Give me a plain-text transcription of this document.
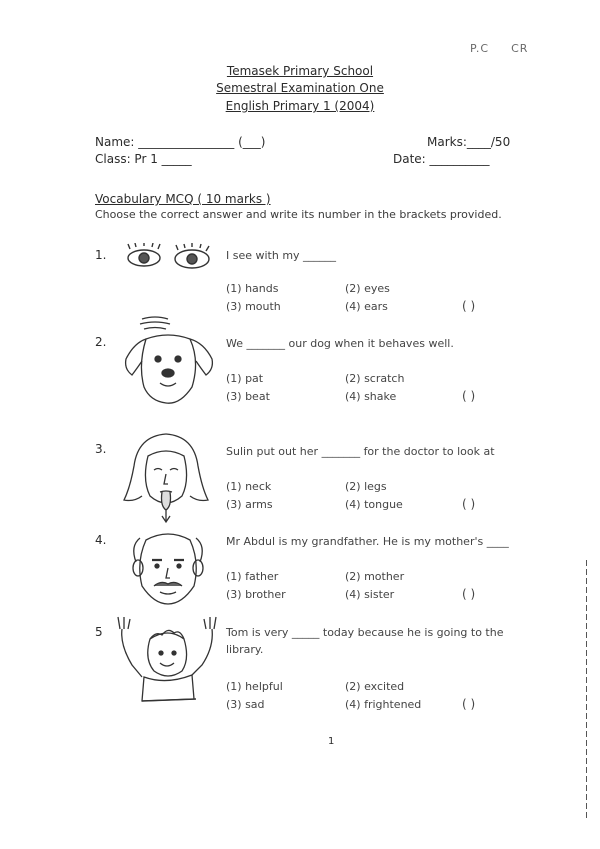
P.C CR
Temasek Primary School
Semestral Examination One
English Primary 1 (2004)
Name: ________________ (___)	Marks:____/50
Class: Pr 1 _____	Date: __________
Vocabulary MCQ ( 10 marks )
Choose the correct answer and write its number in the brackets provided.
1.	I see with my ______
(1) hands	(2) eyes
(3) mouth	(4) ears	( )
2.	We _______ our dog when it behaves well.
(1) pat	(2) scratch
(3) beat	(4) shake	( )
3.	Sulin put out her _______ for the doctor to look at
(1) neck	(2) legs
(3) arms	(4) tongue	( )
4.	Mr Abdul is my grandfather. He is my mother's ____
(1) father	(2) mother
(3) brother	(4) sister	( )
5	Tom is very _____ today because he is going to the
library.
(1) helpful	(2) excited
(3) sad	(4) frightened	( )
1
